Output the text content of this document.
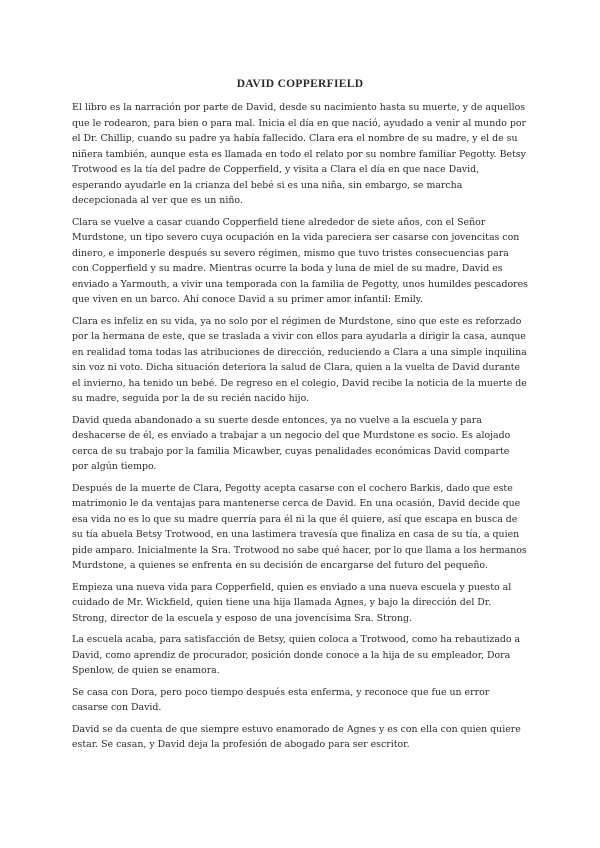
DAVID COPPERFIELD

El libro es la narración por parte de David, desde su nacimiento hasta su muerte, y de aquellos que le rodearon, para bien o para mal. Inicia el día en que nació, ayudado a venir al mundo por el Dr. Chillip, cuando su padre ya había fallecido. Clara era el nombre de su madre, y el de su niñera también, aunque esta es llamada en todo el relato por su nombre familiar Pegotty. Betsy Trotwood es la tía del padre de Copperfield, y visita a Clara el día en que nace David, esperando ayudarle en la crianza del bebé si es una niña, sin embargo, se marcha decepcionada al ver que es un niño.

Clara se vuelve a casar cuando Copperfield tiene alrededor de siete años, con el Señor Murdstone, un tipo severo cuya ocupación en la vida pareciera ser casarse con jovencitas con dinero, e imponerle después su severo régimen, mismo que tuvo tristes consecuencias para con Copperfield y su madre. Mientras ocurre la boda y luna de miel de su madre, David es enviado a Yarmouth, a vivir una temporada con la familia de Pegotty, unos humildes pescadores que viven en un barco. Ahí conoce David a su primer amor infantil: Emily.

Clara es infeliz en su vida, ya no solo por el régimen de Murdstone, sino que este es reforzado por la hermana de este, que se traslada a vivir con ellos para ayudarla a dirigir la casa, aunque en realidad toma todas las atribuciones de dirección, reduciendo a Clara a una simple inquilina sin voz ni voto. Dicha situación deteriora la salud de Clara, quien a la vuelta de David durante el invierno, ha tenido un bebé. De regreso en el colegio, David recibe la noticia de la muerte de su madre, seguida por la de su recién nacido hijo.

David queda abandonado a su suerte desde entonces, ya no vuelve a la escuela y para deshacerse de él, es enviado a trabajar a un negocio del que Murdstone es socio. Es alojado cerca de su trabajo por la familia Micawber, cuyas penalidades económicas David comparte por algún tiempo.

Después de la muerte de Clara, Pegotty acepta casarse con el cochero Barkis, dado que este matrimonio le da ventajas para mantenerse cerca de David. En una ocasión, David decide que esa vida no es lo que su madre querría para él ni la que él quiere, así que escapa en busca de su tía abuela Betsy Trotwood, en una lastimera travesía que finaliza en casa de su tía, a quien pide amparo. Inicialmente la Sra. Trotwood no sabe qué hacer, por lo que llama a los hermanos Murdstone, a quienes se enfrenta en su decisión de encargarse del futuro del pequeño.

Empieza una nueva vida para Copperfield, quien es enviado a una nueva escuela y puesto al cuidado de Mr. Wickfield, quien tiene una hija llamada Agnes, y bajo la dirección del Dr. Strong, director de la escuela y esposo de una jovencísima Sra. Strong.

La escuela acaba, para satisfacción de Betsy, quien coloca a Trotwood, como ha rebautizado a David, como aprendiz de procurador, posición donde conoce a la hija de su empleador, Dora Spenlow, de quien se enamora.

Se casa con Dora, pero poco tiempo después esta enferma, y reconoce que fue un error casarse con David.

David se da cuenta de que siempre estuvo enamorado de Agnes y es con ella con quien quiere estar. Se casan, y David deja la profesión de abogado para ser escritor.
